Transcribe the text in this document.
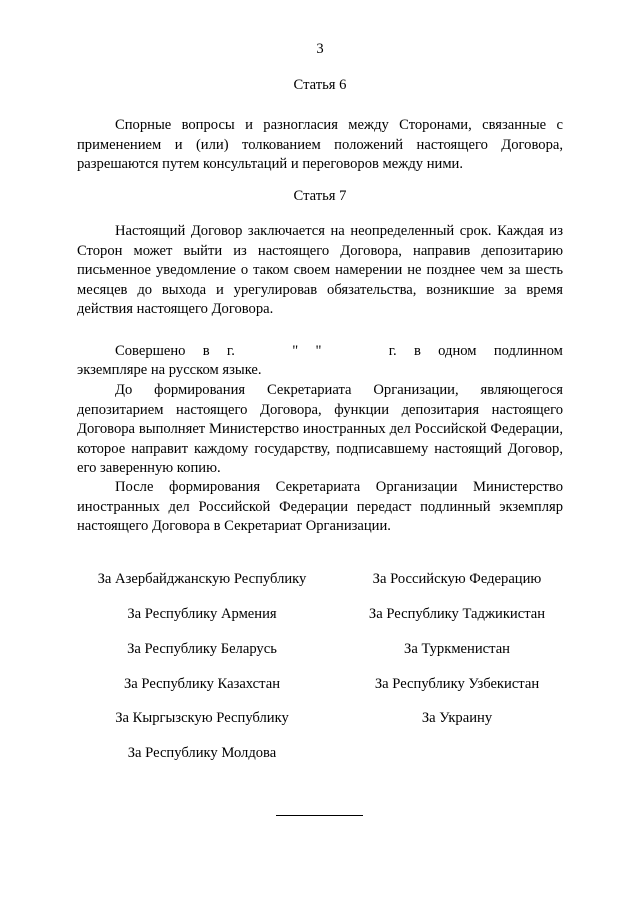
3
Статья 6

Спорные вопросы и разногласия между Сторонами, связанные с применением и (или) толкованием положений настоящего Договора, разрешаются путем консультаций и переговоров между ними.

Статья 7

Настоящий Договор заключается на неопределенный срок. Каждая из Сторон может выйти из настоящего Договора, направив депозитарию письменное уведомление о таком своем намерении не позднее чем за шесть месяцев до выхода и урегулировав обязательства, возникшие за время действия настоящего Договора.

Совершено в г.	" "	г. в одном подлинном
экземпляре на русском языке.

До формирования Секретариата Организации, являющегося депозитарием настоящего Договора, функции депозитария настоящего Договора выполняет Министерство иностранных дел Российской Федерации, которое направит каждому государству, подписавшему настоящий Договор, его заверенную копию.

После формирования Секретариата Организации Министерство иностранных дел Российской Федерации передаст подлинный экземпляр настоящего Договора в Секретариат Организации.

За Азербайджанскую Республику
За Республику Армения
За Республику Беларусь
За Республику Казахстан
За Кыргызскую Республику
За Республику Молдова
За Российскую Федерацию
За Республику Таджикистан
За Туркменистан
За Республику Узбекистан
За Украину
